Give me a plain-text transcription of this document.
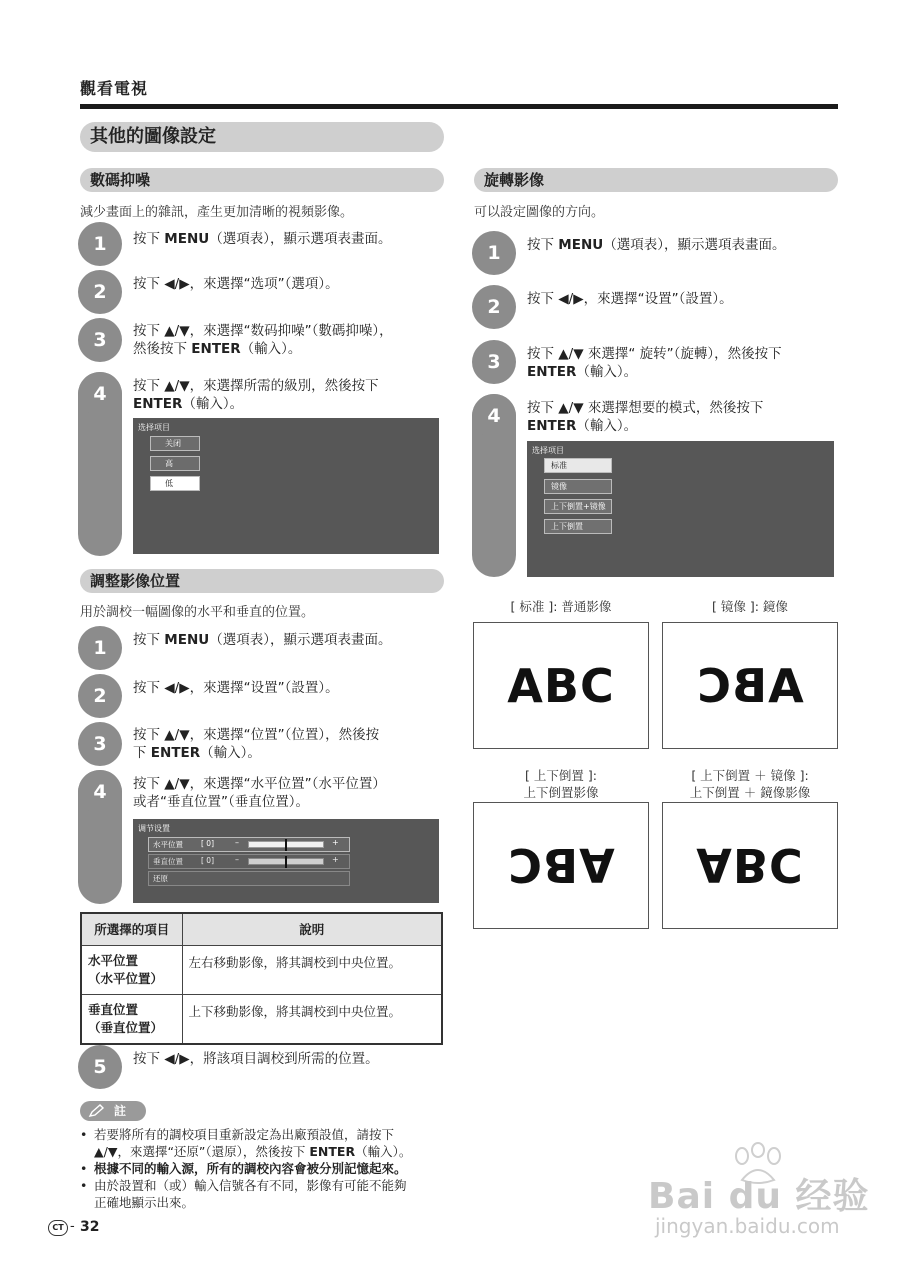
觀看電視
其他的圖像設定
數碼抑噪
減少畫面上的雜訊，產生更加清晰的視頻影像。
1	按下 MENU（選項表），顯示選項表畫面。
2	按下 ◀/▶，來選擇“选项”（選項）。
3	按下 ▲/▼，來選擇“数码抑噪”（數碼抑噪），
然後按下 ENTER（輸入）。
4	按下 ▲/▼，來選擇所需的級別，然後按下
ENTER（輸入）。
选择项目
关闭
高
低
調整影像位置
用於調校一幅圖像的水平和垂直的位置。
1	按下 MENU（選項表），顯示選項表畫面。
2	按下 ◀/▶，來選擇“设置”（設置）。
3	按下 ▲/▼，來選擇“位置”（位置），然後按
下 ENTER（輸入）。
4	按下 ▲/▼，來選擇“水平位置”（水平位置）
或者“垂直位置”（垂直位置）。
调节设置
水平位置 [ 0]	–	+
垂直位置 [ 0]	–	+
还原
所選擇的項目	說明

水平位置
（水平位置）	左右移動影像，將其調校到中央位置。

垂直位置
（垂直位置）	上下移動影像，將其調校到中央位置。
5	按下 ◀/▶，將該項目調校到所需的位置。
註
• 若要將所有的調校項目重新設定為出廠預設值，請按下
▲/▼，來選擇“还原”（還原），然後按下 ENTER（輸入）。
• 根據不同的輸入源，所有的調校內容會被分別記憶起來。
• 由於設置和（或）輸入信號各有不同，影像有可能不能夠
正確地顯示出來。
CT - 32
旋轉影像
可以設定圖像的方向。
1	按下 MENU（選項表），顯示選項表畫面。
2	按下 ◀/▶，來選擇“设置”（設置）。
3	按下 ▲/▼ 來選擇“ 旋转”（旋轉），然後按下
ENTER（輸入）。
4	按下 ▲/▼ 來選擇想要的模式，然後按下
ENTER（輸入）。
选择项目
标准
镜像
上下倒置+镜像
上下倒置
[ 标准 ]: 普通影像	[ 镜像 ]: 鏡像
ABC	ABC
[ 上下倒置 ]:
上下倒置影像
[ 上下倒置 ＋ 镜像 ]:
上下倒置 ＋ 鏡像影像
ABC	ABC
Bai du 经验
jingyan.baidu.com
